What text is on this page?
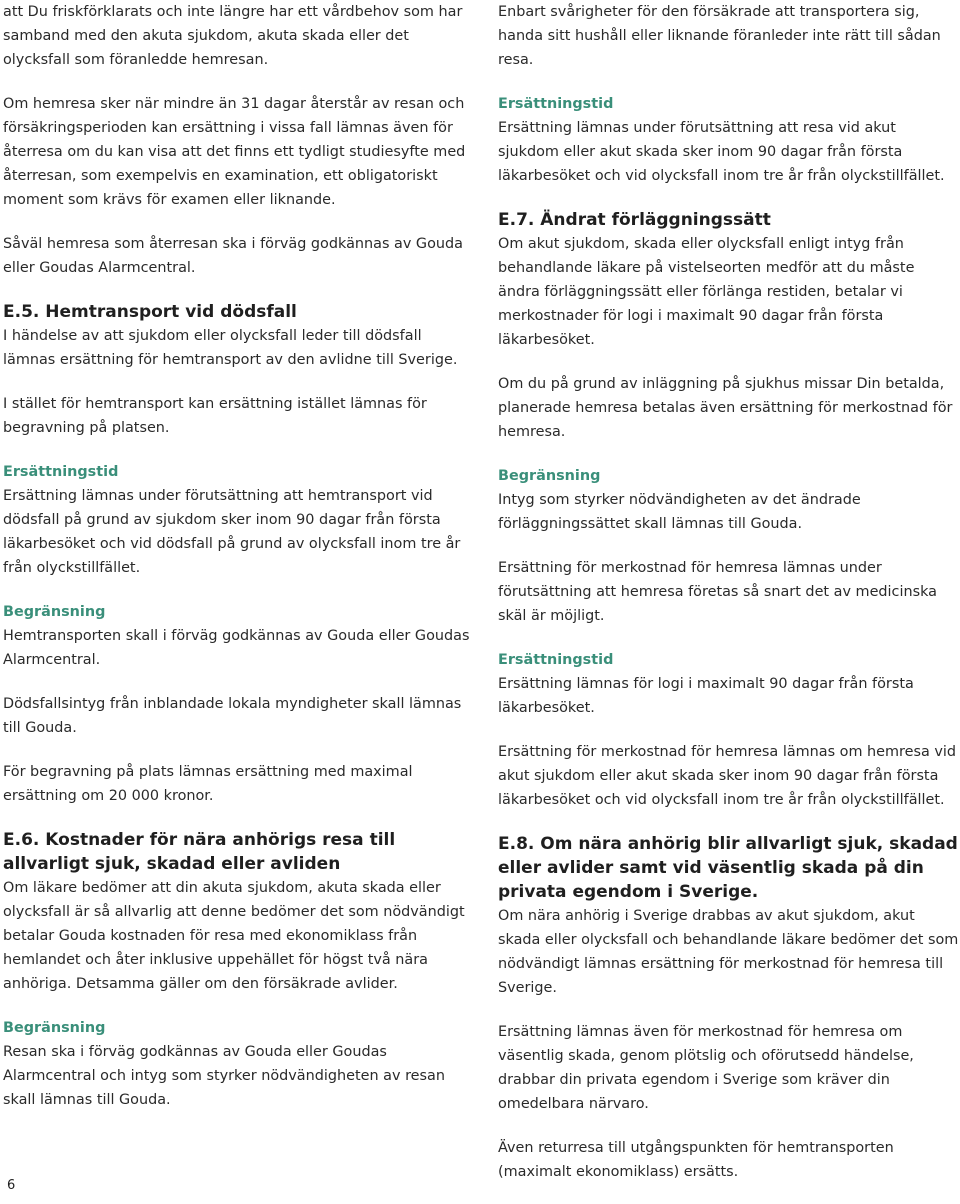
att Du friskförklarats och inte längre har ett vårdbehov som har samband med den akuta sjukdom, akuta skada eller det olycksfall som föranledde hemresan.

Om hemresa sker när mindre än 31 dagar återstår av resan och försäkringsperioden kan ersättning i vissa fall lämnas även för återresa om du kan visa att det finns ett tydligt studiesyfte med återresan, som exempelvis en examination, ett obligatoriskt moment som krävs för examen eller liknande.

Såväl hemresa som återresan ska i förväg godkännas av Gouda eller Goudas Alarmcentral.

E.5. Hemtransport vid dödsfall

I händelse av att sjukdom eller olycksfall leder till dödsfall lämnas ersättning för hemtransport av den avlidne till Sverige.

I stället för hemtransport kan ersättning istället lämnas för begravning på platsen.

Ersättningstid

Ersättning lämnas under förutsättning att hemtransport vid dödsfall på grund av sjukdom sker inom 90 dagar från första läkarbesöket och vid dödsfall på grund av olycksfall inom tre år från olyckstillfället.

Begränsning

Hemtransporten skall i förväg godkännas av Gouda eller Goudas Alarmcentral.

Dödsfallsintyg från inblandade lokala myndigheter skall lämnas till Gouda.

För begravning på plats lämnas ersättning med maximal ersättning om 20 000 kronor.

E.6. Kostnader för nära anhörigs resa till allvarligt sjuk, skadad eller avliden

Om läkare bedömer att din akuta sjukdom, akuta skada eller olycksfall är så allvarlig att denne bedömer det som nödvändigt betalar Gouda kostnaden för resa med ekonomiklass från hemlandet och åter inklusive uppehället för högst två nära anhöriga. Detsamma gäller om den försäkrade avlider.

Begränsning

Resan ska i förväg godkännas av Gouda eller Goudas Alarmcentral och intyg som styrker nödvändigheten av resan skall lämnas till Gouda.

Enbart svårigheter för den försäkrade att transportera sig, handa sitt hushåll eller liknande föranleder inte rätt till sådan resa.

Ersättningstid

Ersättning lämnas under förutsättning att resa vid akut sjukdom eller akut skada sker inom 90 dagar från första läkarbesöket och vid olycksfall inom tre år från olyckstillfället.

E.7. Ändrat förläggningssätt

Om akut sjukdom, skada eller olycksfall enligt intyg från behandlande läkare på vistelseorten medför att du måste ändra förläggningssätt eller förlänga restiden, betalar vi merkostnader för logi i maximalt 90 dagar från första läkarbesöket.

Om du på grund av inläggning på sjukhus missar Din betalda, planerade hemresa betalas även ersättning för merkostnad för hemresa.

Begränsning

Intyg som styrker nödvändigheten av det ändrade förläggningssättet skall lämnas till Gouda.

Ersättning för merkostnad för hemresa lämnas under förutsättning att hemresa företas så snart det av medicinska skäl är möjligt.

Ersättningstid

Ersättning lämnas för logi i maximalt 90 dagar från första läkarbesöket.

Ersättning för merkostnad för hemresa lämnas om hemresa vid akut sjukdom eller akut skada sker inom 90 dagar från första läkarbesöket och vid olycksfall inom tre år från olyckstillfället.

E.8. Om nära anhörig blir allvarligt sjuk, skadad eller avlider samt vid väsentlig skada på din privata egendom i Sverige.

Om nära anhörig i Sverige drabbas av akut sjukdom, akut skada eller olycksfall och behandlande läkare bedömer det som nödvändigt lämnas ersättning för merkostnad för hemresa till Sverige.

Ersättning lämnas även för merkostnad för hemresa om väsentlig skada, genom plötslig och oförutsedd händelse, drabbar din privata egendom i Sverige som kräver din omedelbara närvaro.

Även returresa till utgångspunkten för hemtransporten (maximalt ekonomiklass) ersätts.

6
